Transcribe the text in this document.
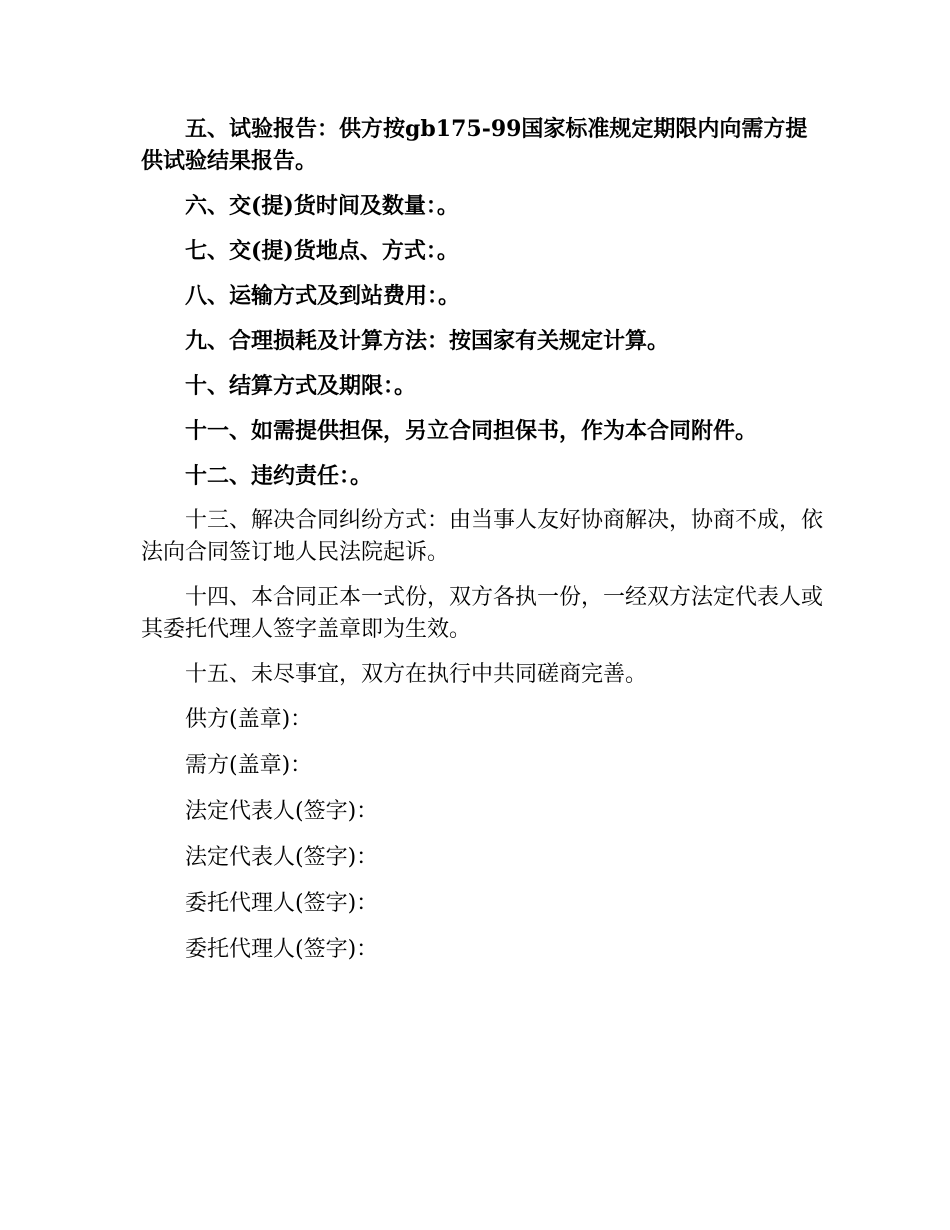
五、试验报告：供方按gb175-99国家标准规定期限内向需方提供试验结果报告。

六、交(提)货时间及数量：。

七、交(提)货地点、方式：。

八、运输方式及到站费用：。

九、合理损耗及计算方法：按国家有关规定计算。

十、结算方式及期限：。

十一、如需提供担保，另立合同担保书，作为本合同附件。

十二、违约责任：。

十三、解决合同纠纷方式：由当事人友好协商解决，协商不成，依法向合同签订地人民法院起诉。

十四、本合同正本一式份，双方各执一份，一经双方法定代表人或其委托代理人签字盖章即为生效。

十五、未尽事宜，双方在执行中共同磋商完善。

供方(盖章)：

需方(盖章)：

法定代表人(签字)：

法定代表人(签字)：

委托代理人(签字)：

委托代理人(签字)：
